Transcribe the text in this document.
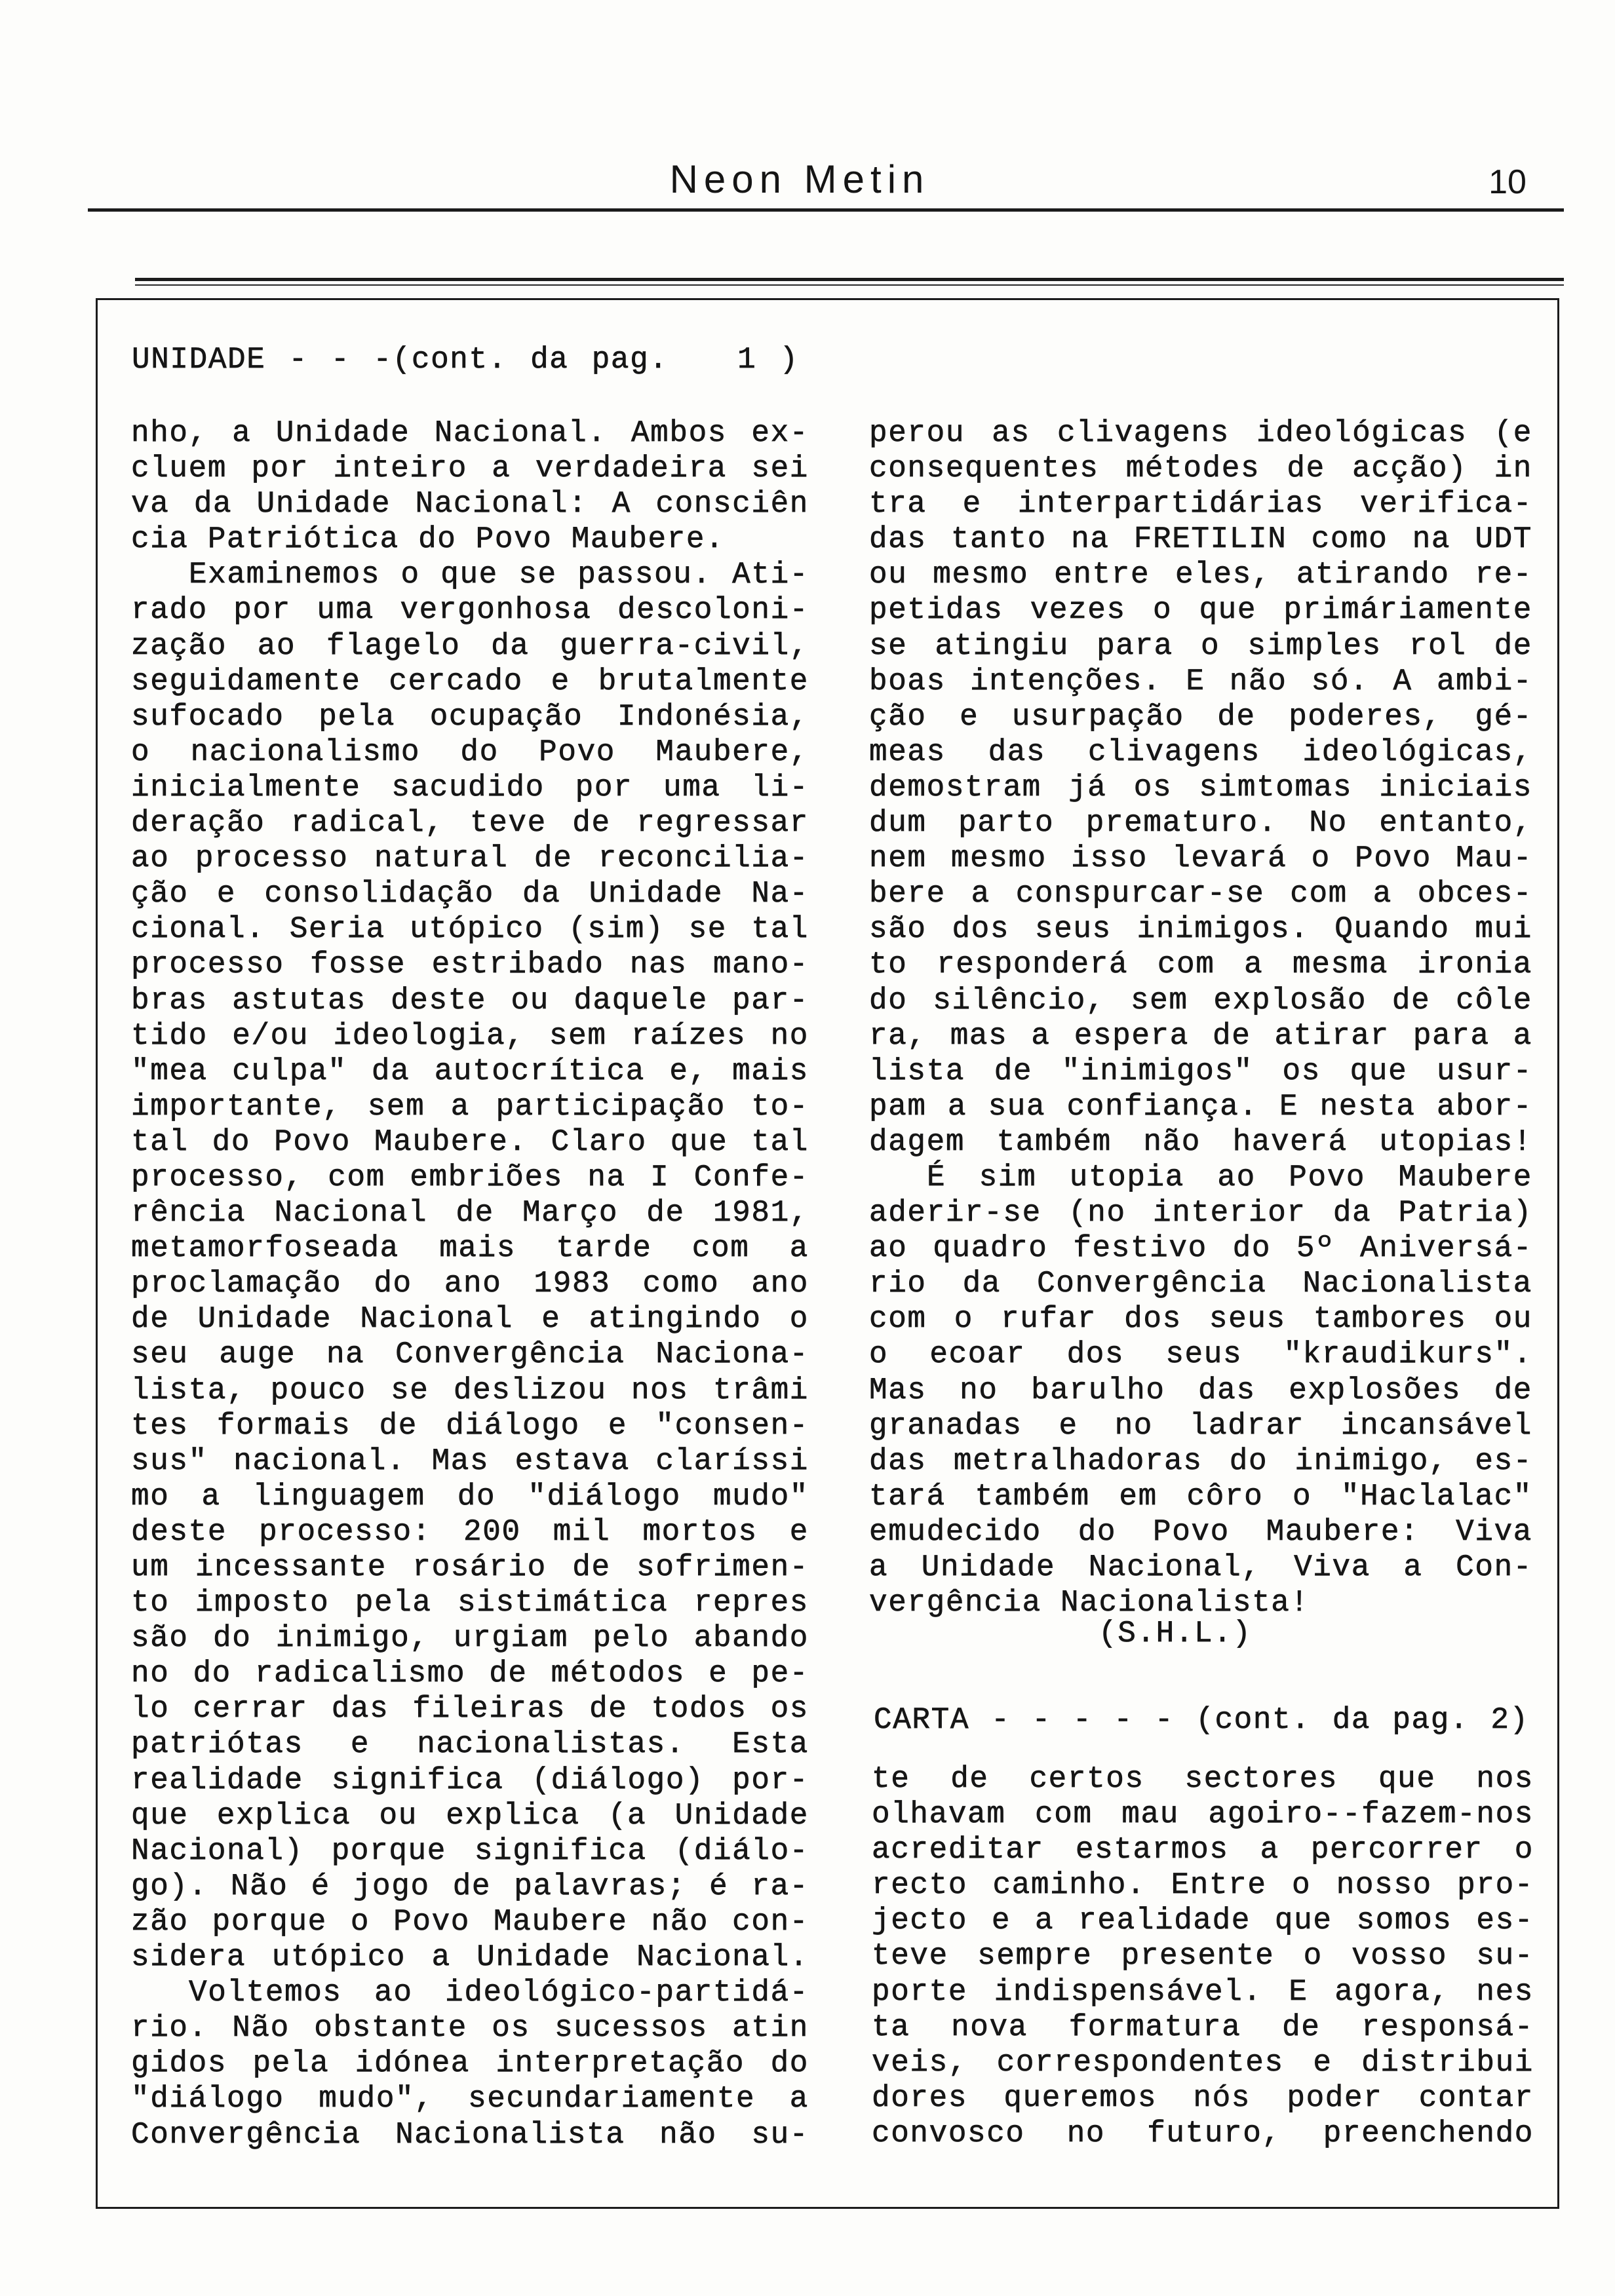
Neon Metin	10
UNIDADE - - -(cont. da pag.   1 )
nho, a Unidade Nacional. Ambos ex-
cluem por inteiro a verdadeira sei
va da Unidade Nacional: A consciên
cia Patriótica do Povo Maubere.
Examinemos o que se passou. Ati-
rado por uma vergonhosa descoloni-
zação ao flagelo da guerra-civil,
seguidamente cercado e brutalmente
sufocado pela ocupação Indonésia,
o nacionalismo do Povo Maubere,
inicialmente sacudido por uma li-
deração radical, teve de regressar
ao processo natural de reconcilia-
ção e consolidação da Unidade Na-
cional. Seria utópico (sim) se tal
processo fosse estribado nas mano-
bras astutas deste ou daquele par-
tido e/ou ideologia, sem raízes no
"mea culpa" da autocrítica e, mais
importante, sem a participação to-
tal do Povo Maubere. Claro que tal
processo, com embriões na I Confe-
rência Nacional de Março de 1981,
metamorfoseada mais tarde com a
proclamação do ano 1983 como ano
de Unidade Nacional e atingindo o
seu auge na Convergência Naciona-
lista, pouco se deslizou nos trâmi
tes formais de diálogo e "consen-
sus" nacional. Mas estava claríssi
mo a linguagem do "diálogo mudo"
deste processo: 200 mil mortos e
um incessante rosário de sofrimen-
to imposto pela sistimática repres
são do inimigo, urgiam pelo abando
no do radicalismo de métodos e pe-
lo cerrar das fileiras de todos os
patriótas e nacionalistas. Esta
realidade significa (diálogo) por-
que explica ou explica (a Unidade
Nacional) porque significa (diálo-
go). Não é jogo de palavras; é ra-
zão porque o Povo Maubere não con-
sidera utópico a Unidade Nacional.
Voltemos ao ideológico-partidá-
rio. Não obstante os sucessos atin
gidos pela idónea interpretação do
"diálogo mudo", secundariamente a
Convergência Nacionalista não su-
perou as clivagens ideológicas (e
consequentes métodes de acção) in
tra e interpartidárias verifica-
das tanto na FRETILIN como na UDT
ou mesmo entre eles, atirando re-
petidas vezes o que primáriamente
se atingiu para o simples rol de
boas intenções. E não só. A ambi-
ção e usurpação de poderes, gé-
meas das clivagens ideológicas,
demostram já os simtomas iniciais
dum parto prematuro. No entanto,
nem mesmo isso levará o Povo Mau-
bere a conspurcar-se com a obces-
são dos seus inimigos. Quando mui
to responderá com a mesma ironia
do silêncio, sem explosão de côle
ra, mas a espera de atirar para a
lista de "inimigos" os que usur-
pam a sua confiança. E nesta abor-
dagem também não haverá utopias!
É sim utopia ao Povo Maubere
aderir-se (no interior da Patria)
ao quadro festivo do 5º Aniversá-
rio da Convergência Nacionalista
com o rufar dos seus tambores ou
o ecoar dos seus "kraudikurs".
Mas no barulho das explosões de
granadas e no ladrar incansável
das metralhadoras do inimigo, es-
tará também em côro o "Haclalac"
emudecido do Povo Maubere: Viva
a Unidade Nacional, Viva a Con-
vergência Nacionalista!
(S.H.L.)
CARTA - - - - - (cont. da pag. 2)
te de certos sectores que nos
olhavam com mau agoiro--fazem-nos
acreditar estarmos a percorrer o
recto caminho. Entre o nosso pro-
jecto e a realidade que somos es-
teve sempre presente o vosso su-
porte indispensável. E agora, nes
ta nova formatura de responsá-
veis, correspondentes e distribui
dores queremos nós poder contar
convosco no futuro, preenchendo
